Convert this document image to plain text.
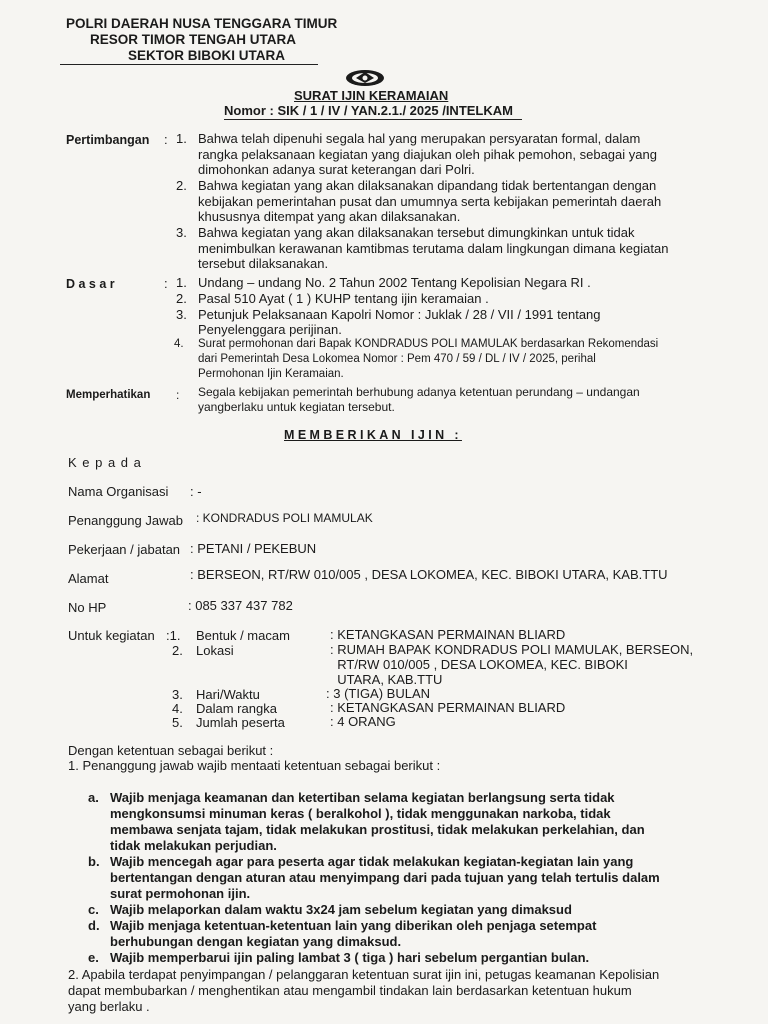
POLRI DAERAH NUSA TENGGARA TIMUR
RESOR TIMOR TENGAH UTARA
SEKTOR BIBOKI UTARA
SURAT IJIN KERAMAIAN
Nomor : SIK / 1 / IV / YAN.2.1./ 2025 /INTELKAM
Pertimbangan : 1. Bahwa telah dipenuhi segala hal yang merupakan persyaratan formal, dalam
rangka pelaksanaan kegiatan yang diajukan oleh pihak pemohon, sebagai yang
dimohonkan adanya surat keterangan dari Polri.
2. Bahwa kegiatan yang akan dilaksanakan dipandang tidak bertentangan dengan
kebijakan pemerintahan pusat dan umumnya serta kebijakan pemerintah daerah
khususnya ditempat yang akan dilaksanakan.
3. Bahwa kegiatan yang akan dilaksanakan tersebut dimungkinkan untuk tidak
menimbulkan kerawanan kamtibmas terutama dalam lingkungan dimana kegiatan
tersebut dilaksanakan.
D a s a r	: 1. Undang – undang No. 2 Tahun 2002 Tentang Kepolisian Negara RI .
2. Pasal 510 Ayat ( 1 ) KUHP tentang ijin keramaian .
3. Petunjuk Pelaksanaan Kapolri Nomor : Juklak / 28 / VII / 1991 tentang
Penyelenggara perijinan.
4. Surat permohonan dari Bapak KONDRADUS POLI MAMULAK berdasarkan Rekomendasi
dari Pemerintah Desa Lokomea Nomor : Pem 470 / 59 / DL / IV / 2025, perihal
Permohonan Ijin Keramaian.
Memperhatikan : Segala kebijakan pemerintah berhubung adanya ketentuan perundang – undangan
yangberlaku untuk kegiatan tersebut.
MEMBERIKAN IJIN :
K e p a d a
Nama Organisasi : -
Penanggung Jawab : KONDRADUS POLI MAMULAK
Pekerjaan / jabatan : PETANI / PEKEBUN
Alamat	: BERSEON, RT/RW 010/005 , DESA LOKOMEA, KEC. BIBOKI UTARA, KAB.TTU
No HP	: 085 337 437 782
Untuk kegiatan :1. Bentuk / macam	: KETANGKASAN PERMAINAN BLIARD
2. Lokasi	: RUMAH BAPAK KONDRADUS POLI MAMULAK, BERSEON,
RT/RW 010/005 , DESA LOKOMEA, KEC. BIBOKI
UTARA, KAB.TTU
3. Hari/Waktu	: 3 (TIGA) BULAN
4. Dalam rangka	: KETANGKASAN PERMAINAN BLIARD
5. Jumlah peserta	: 4 ORANG
Dengan ketentuan sebagai berikut :
1. Penanggung jawab wajib mentaati ketentuan sebagai berikut :
a. Wajib menjaga keamanan dan ketertiban selama kegiatan berlangsung serta tidak
mengkonsumsi minuman keras ( beralkohol ), tidak menggunakan narkoba, tidak
membawa senjata tajam, tidak melakukan prostitusi, tidak melakukan perkelahian, dan
tidak melakukan perjudian.
b. Wajib mencegah agar para peserta agar tidak melakukan kegiatan-kegiatan lain yang
bertentangan dengan aturan atau menyimpang dari pada tujuan yang telah tertulis dalam
surat permohonan ijin.
c. Wajib melaporkan dalam waktu 3x24 jam sebelum kegiatan yang dimaksud
d. Wajib menjaga ketentuan-ketentuan lain yang diberikan oleh penjaga setempat
berhubungan dengan kegiatan yang dimaksud.
e. Wajib memperbarui ijin paling lambat 3 ( tiga ) hari sebelum pergantian bulan.
2. Apabila terdapat penyimpangan / pelanggaran ketentuan surat ijin ini, petugas keamanan Kepolisian
dapat membubarkan / menghentikan atau mengambil tindakan lain berdasarkan ketentuan hukum
yang berlaku .
